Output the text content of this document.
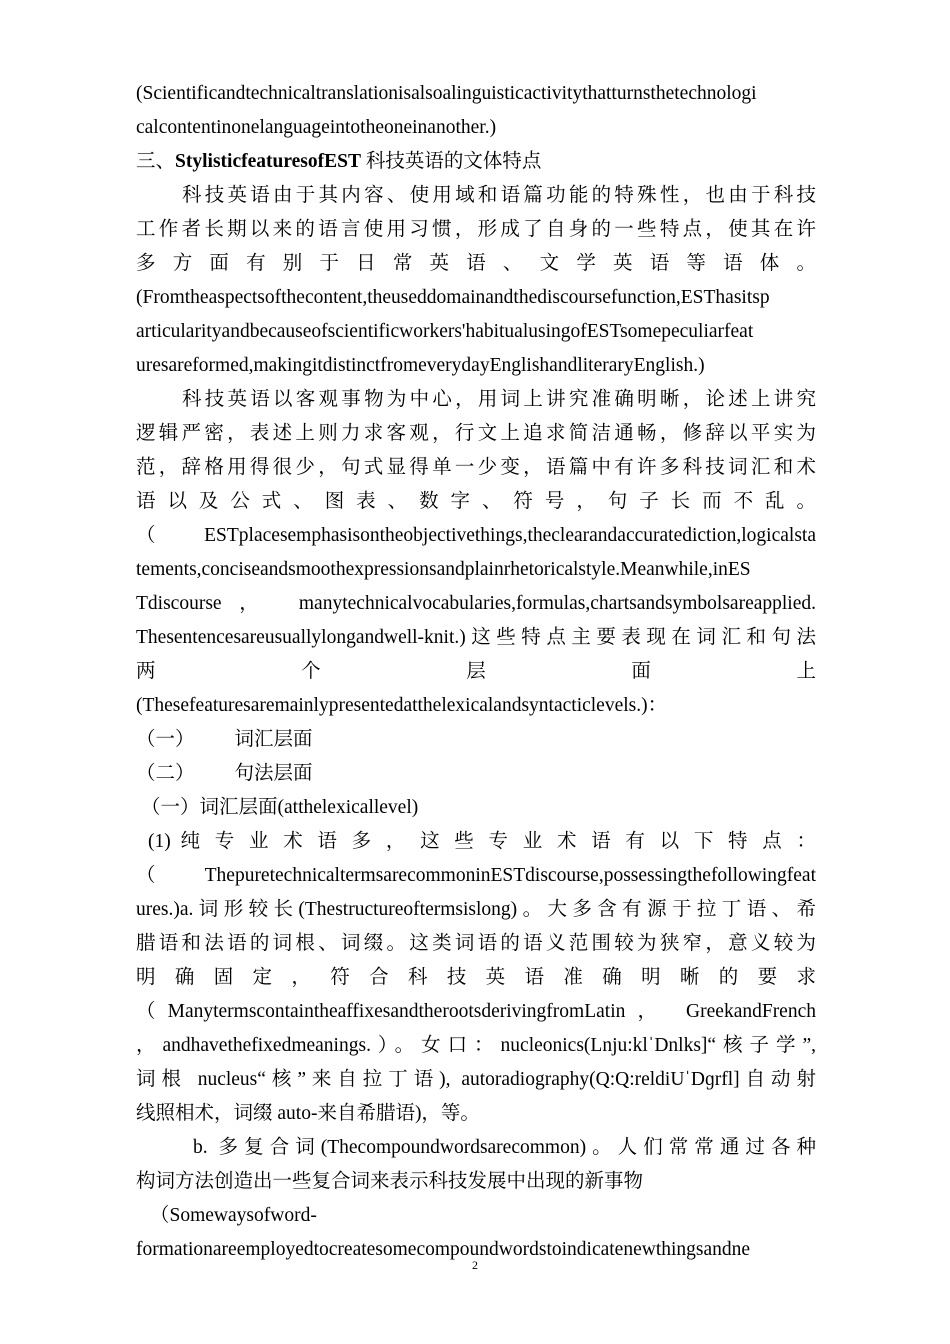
(Scientificandtechnicaltranslationisalsoalinguisticactivitythatturnsthetechnologi
calcontentinonelanguageintotheoneinanother.)
三、StylisticfeaturesofEST 科技英语的文体特点
科技英语由于其内容、使用域和语篇功能的特殊性，也由于科技
工作者长期以来的语言使用习惯，形成了自身的一些特点，使其在许
多 方 面 有 别 于 日 常 英 语 、 文 学 英 语 等 语 体 。
(Fromtheaspectsofthecontent,theuseddomainandthediscoursefunction,ESThasitsp
articularityandbecauseofscientificworkers'habitualusingofESTsomepeculiarfeat
uresareformed,makingitdistinctfromeverydayEnglishandliteraryEnglish.)
科技英语以客观事物为中心，用词上讲究准确明晰，论述上讲究
逻辑严密，表述上则力求客观，行文上追求简洁通畅，修辞以平实为
范，辞格用得很少，句式显得单一少变，语篇中有许多科技词汇和术
语 以 及 公 式 、 图 表 、 数 字 、 符 号 ， 句 子 长 而 不 乱 。
（ESTplacesemphasisontheobjectivethings,theclearandaccuratediction,logicalsta
tements,conciseandsmoothexpressionsandplainrhetoricalstyle.Meanwhile,inES
Tdiscourse， manytechnicalvocabularies,formulas,chartsandsymbolsareapplied.
Thesentencesareusuallylongandwell-knit.)这些特点主要表现在词汇和句法
两 个 层 面 上
(Thesefeaturesaremainlypresentedatthelexicalandsyntacticlevels.)：
（一） 词汇层面
（二） 句法层面
（一）词汇层面(atthelexicallevel)
(1) 纯 专 业 术 语 多 ， 这 些 专 业 术 语 有 以 下 特 点 ：
（ThepuretechnicaltermsarecommoninESTdiscourse,possessingthefollowingfeat
ures.)a.词形较长(Thestructureoftermsislong)。大多含有源于拉丁语、希
腊语和法语的词根、词缀。这类词语的语义范围较为狭窄，意义较为
明 确 固 定 ， 符 合 科 技 英 语 准 确 明 晰 的 要 求
（ManytermscontaintheaffixesandtherootsderivingfromLatin， GreekandFrench
，andhavethefixedmeanings.）。女口：nucleonics(Lnju:klˈDnlks]“核子学”,
词根 nucleus“核”来自拉丁语), autoradiography(Q:Q:reldiUˈDɡrfl]自动射
线照相术，词缀 auto-来自希腊语)，等。
b. 多复合词(Thecompoundwordsarecommon)。人们常常通过各种
构词方法创造出一些复合词来表示科技发展中出现的新事物
（Somewaysofword-
formationareemployedtocreatesomecompoundwordstoindicatenewthingsandne
2
